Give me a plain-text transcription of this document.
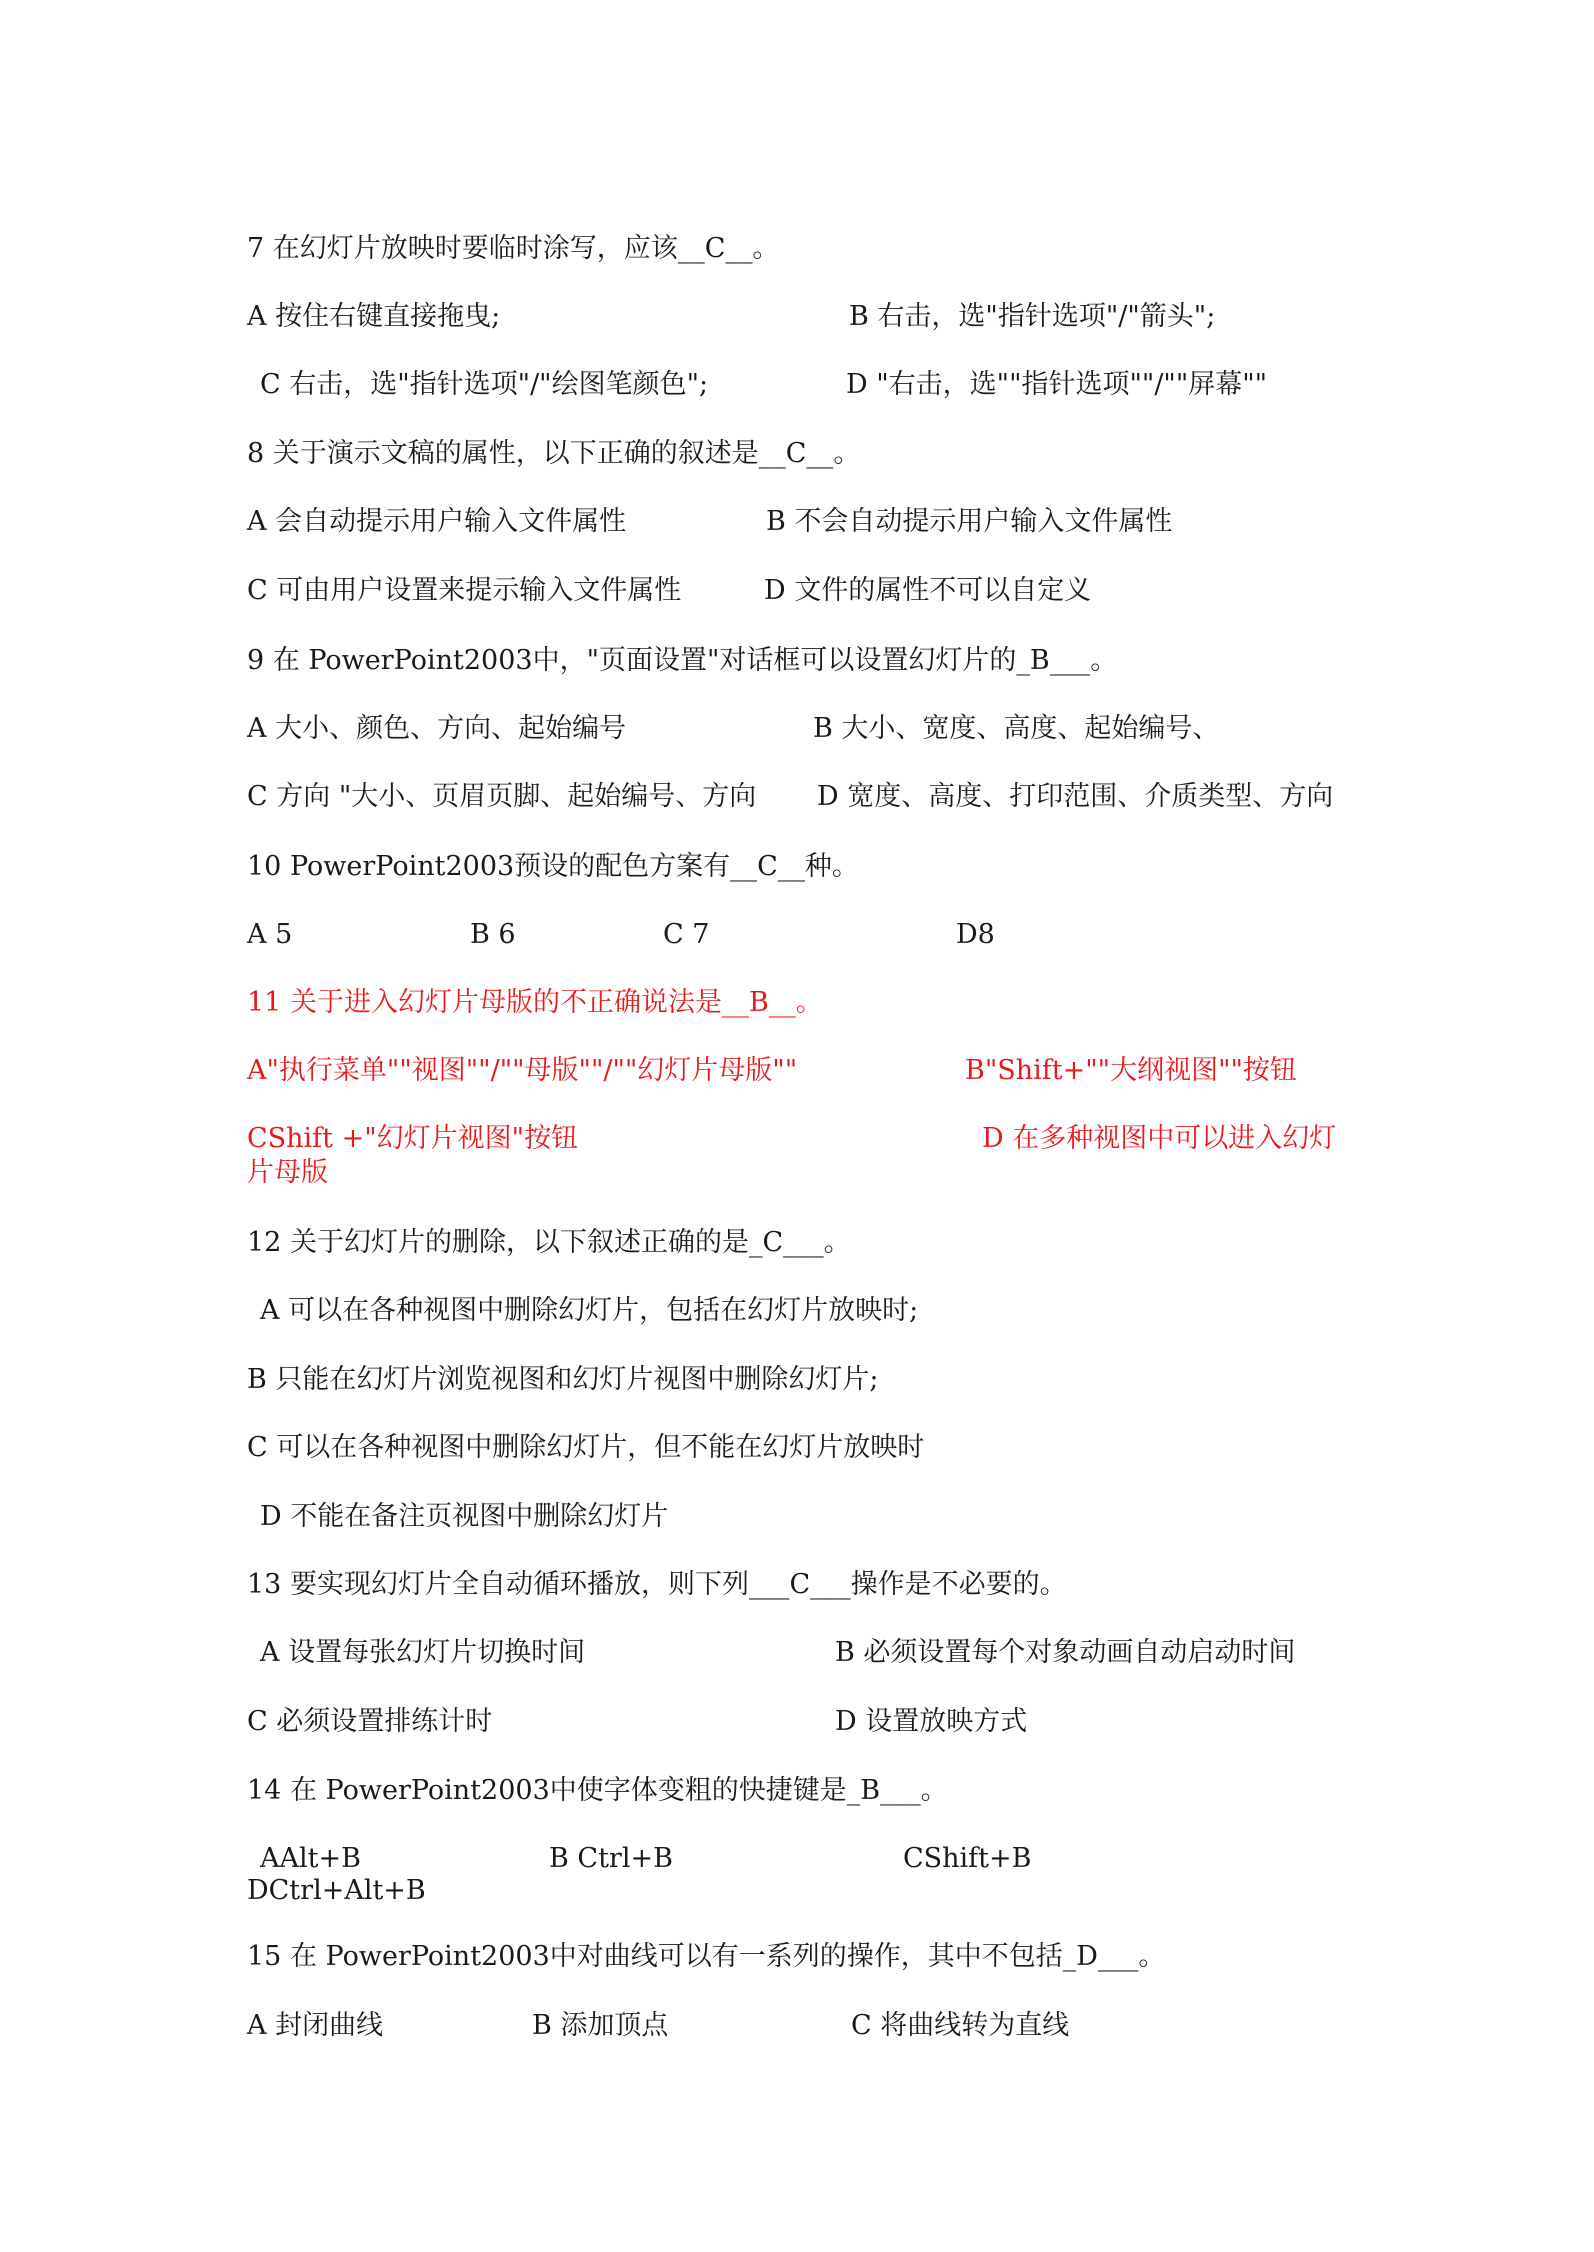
7 在幻灯片放映时要临时涂写，应该__C__。
A 按住右键直接拖曳;	B 右击，选"指针选项"/"箭头";
C 右击，选"指针选项"/"绘图笔颜色";	D "右击，选""指针选项""/""屏幕""
8 关于演示文稿的属性，以下正确的叙述是__C__。
A 会自动提示用户输入文件属性	B 不会自动提示用户输入文件属性
C 可由用户设置来提示输入文件属性	D 文件的属性不可以自定义
9 在 PowerPoint2003中，"页面设置"对话框可以设置幻灯片的_B___。
A 大小、颜色、方向、起始编号	B 大小、宽度、高度、起始编号、
C 方向 "大小、页眉页脚、起始编号、方向 D 宽度、高度、打印范围、介质类型、方向
10 PowerPoint2003预设的配色方案有__C__种。
A 5	B 6	C 7	D8
11 关于进入幻灯片母版的不正确说法是__B__。
A"执行菜单""视图""/""母版""/""幻灯片母版""	B"Shift+""大纲视图""按钮
CShift +"幻灯片视图"按钮	D 在多种视图中可以进入幻灯
片母版
12 关于幻灯片的删除，以下叙述正确的是_C___。
A 可以在各种视图中删除幻灯片，包括在幻灯片放映时;
B 只能在幻灯片浏览视图和幻灯片视图中删除幻灯片;
C 可以在各种视图中删除幻灯片，但不能在幻灯片放映时
D 不能在备注页视图中删除幻灯片
13 要实现幻灯片全自动循环播放，则下列___C___操作是不必要的。
A 设置每张幻灯片切换时间	B 必须设置每个对象动画自动启动时间
C 必须设置排练计时	D 设置放映方式
14 在 PowerPoint2003中使字体变粗的快捷键是_B___。
AAlt+B	B Ctrl+B	CShift+B
DCtrl+Alt+B
15 在 PowerPoint2003中对曲线可以有一系列的操作，其中不包括_D___。
A 封闭曲线	B 添加顶点	C 将曲线转为直线
